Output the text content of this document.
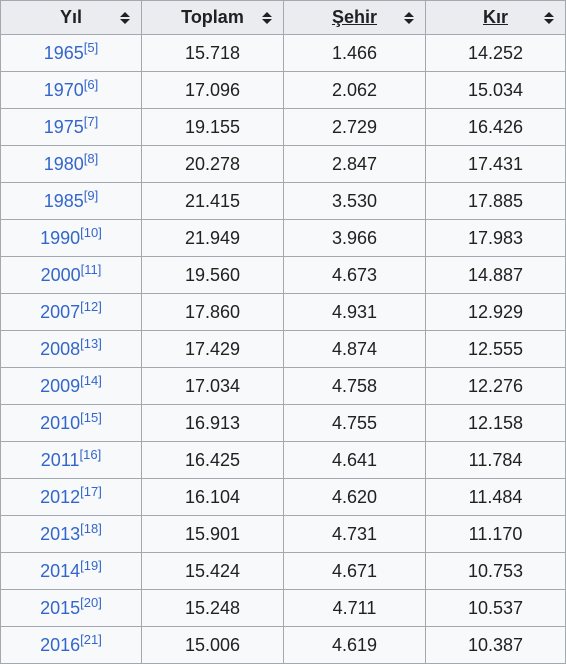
Yıl	Toplam	Şehir	Kır

1965[5]	15.718	1.466	14.252
1970[6]	17.096	2.062	15.034
1975[7]	19.155	2.729	16.426
1980[8]	20.278	2.847	17.431
1985[9]	21.415	3.530	17.885
1990[10]	21.949	3.966	17.983
2000[11]	19.560	4.673	14.887
2007[12]	17.860	4.931	12.929
2008[13]	17.429	4.874	12.555
2009[14]	17.034	4.758	12.276
2010[15]	16.913	4.755	12.158
2011[16]	16.425	4.641	11.784
2012[17]	16.104	4.620	11.484
2013[18]	15.901	4.731	11.170
2014[19]	15.424	4.671	10.753
2015[20]	15.248	4.711	10.537
2016[21]	15.006	4.619	10.387
